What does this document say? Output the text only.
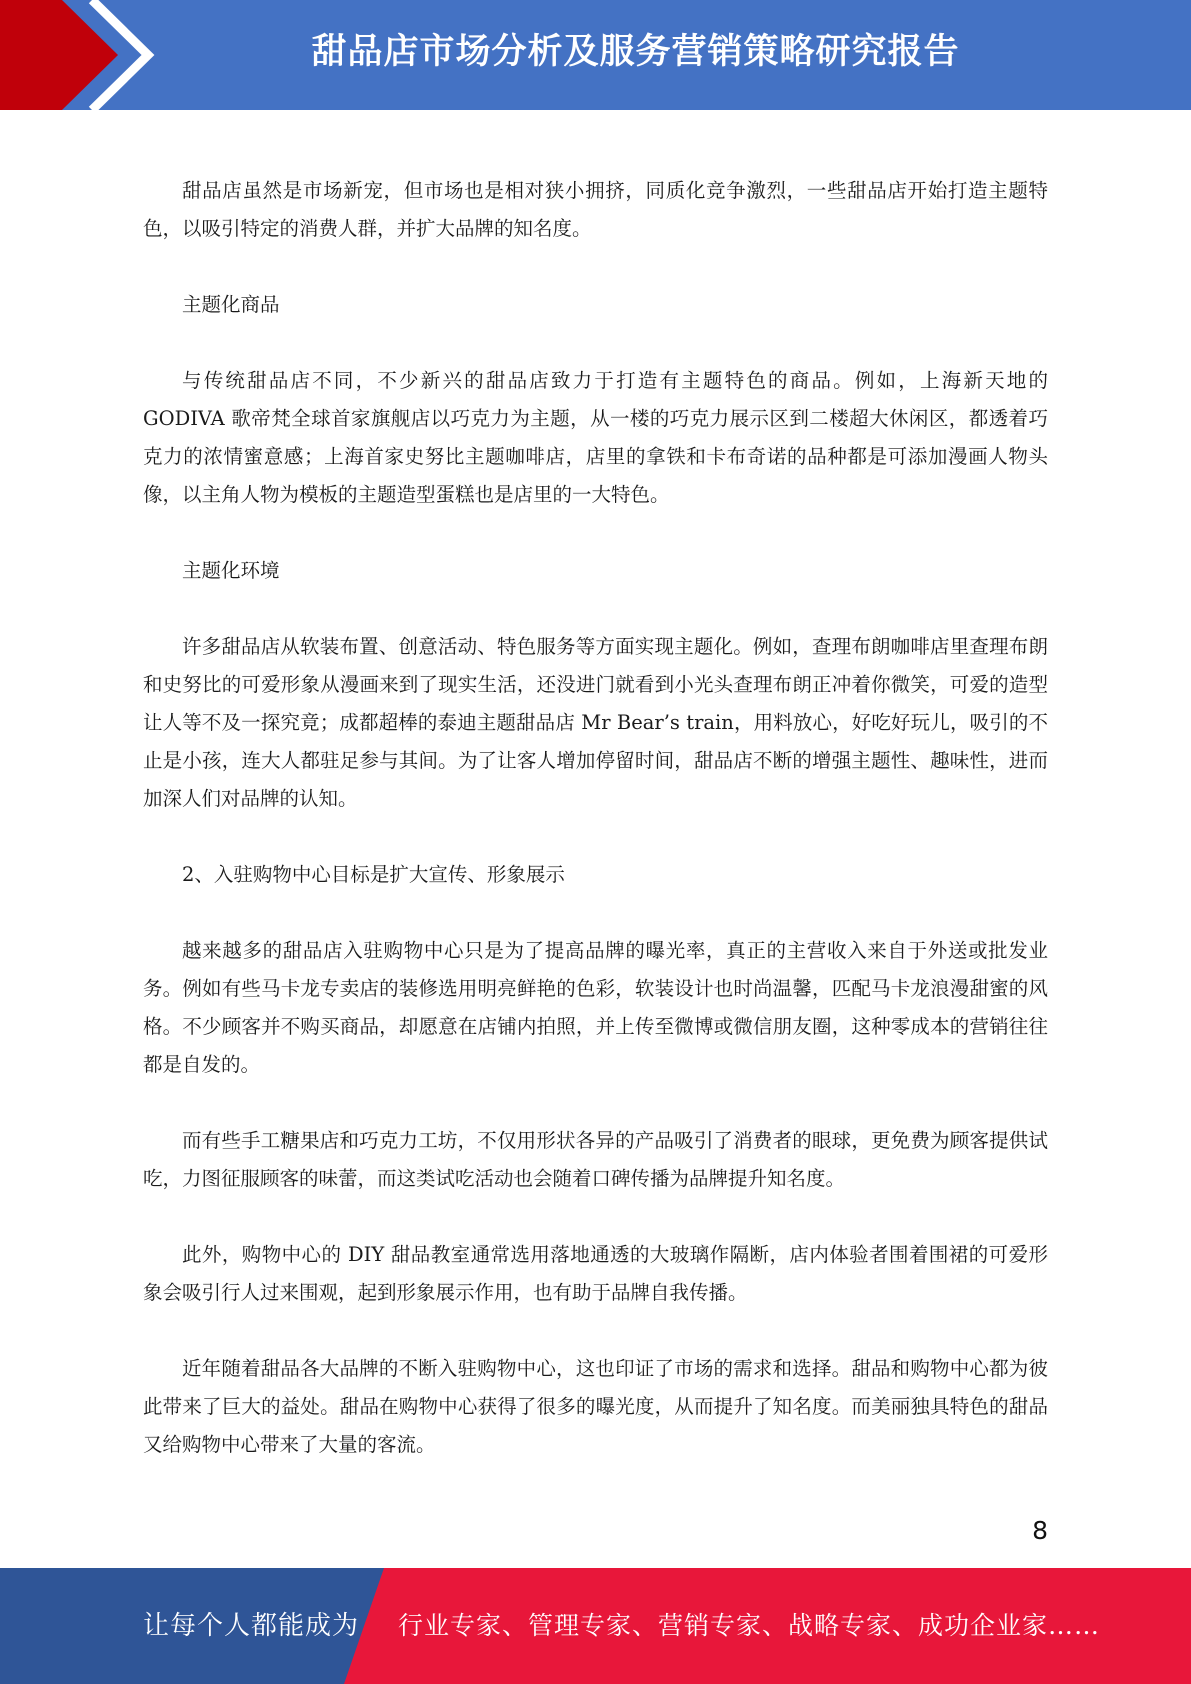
甜品店市场分析及服务营销策略研究报告

甜品店虽然是市场新宠，但市场也是相对狭小拥挤，同质化竞争激烈，一些甜品店开始打造主题特色，以吸引特定的消费人群，并扩大品牌的知名度。

主题化商品

与传统甜品店不同，不少新兴的甜品店致力于打造有主题特色的商品。例如，上海新天地的 GODIVA 歌帝梵全球首家旗舰店以巧克力为主题，从一楼的巧克力展示区到二楼超大休闲区，都透着巧克力的浓情蜜意感；上海首家史努比主题咖啡店，店里的拿铁和卡布奇诺的品种都是可添加漫画人物头像，以主角人物为模板的主题造型蛋糕也是店里的一大特色。

主题化环境

许多甜品店从软装布置、创意活动、特色服务等方面实现主题化。例如，查理布朗咖啡店里查理布朗和史努比的可爱形象从漫画来到了现实生活，还没进门就看到小光头查理布朗正冲着你微笑，可爱的造型让人等不及一探究竟；成都超棒的泰迪主题甜品店 Mr Bear’s train，用料放心，好吃好玩儿，吸引的不止是小孩，连大人都驻足参与其间。为了让客人增加停留时间，甜品店不断的增强主题性、趣味性，进而加深人们对品牌的认知。

2、入驻购物中心目标是扩大宣传、形象展示

越来越多的甜品店入驻购物中心只是为了提高品牌的曝光率，真正的主营收入来自于外送或批发业务。例如有些马卡龙专卖店的装修选用明亮鲜艳的色彩，软装设计也时尚温馨，匹配马卡龙浪漫甜蜜的风格。不少顾客并不购买商品，却愿意在店铺内拍照，并上传至微博或微信朋友圈，这种零成本的营销往往都是自发的。

而有些手工糖果店和巧克力工坊，不仅用形状各异的产品吸引了消费者的眼球，更免费为顾客提供试吃，力图征服顾客的味蕾，而这类试吃活动也会随着口碑传播为品牌提升知名度。

此外，购物中心的 DIY 甜品教室通常选用落地通透的大玻璃作隔断，店内体验者围着围裙的可爱形象会吸引行人过来围观，起到形象展示作用，也有助于品牌自我传播。

近年随着甜品各大品牌的不断入驻购物中心，这也印证了市场的需求和选择。甜品和购物中心都为彼此带来了巨大的益处。甜品在购物中心获得了很多的曝光度，从而提升了知名度。而美丽独具特色的甜品又给购物中心带来了大量的客流。

8
让每个人都能成为 行业专家、管理专家、营销专家、战略专家、成功企业家……
